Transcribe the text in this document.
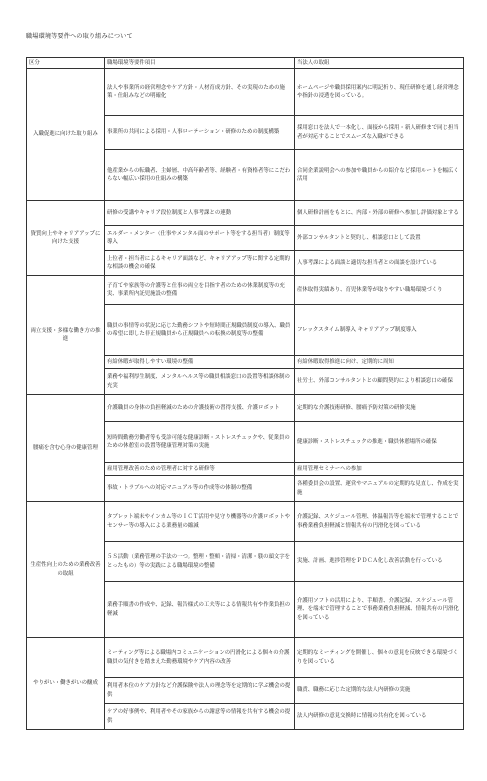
職場環境等要件への取り組みについて
区分	職場環境等要件項目	当法人の取組
入職促進に向けた取り組み	法人や事業所の経営理念やケア方針・人材育成方針、その実現のための施策・仕組みなどの明確化	ホームページや職員採用案内に明記折り、現任研修を通し経営理念や指針の浸透を図っている。
	事業所の共同による採用・人事ローテーション・研修のための制度構築	採用窓口を法人で一本化し、面接から採用・新人研修まで同じ担当者が対応することでスムーズな入職ができる
	他産業からの転職者、主婦層、中高年齢者等、経験者・有資格者等にこだわらない幅広い採用の仕組みの構築	合同企業説明会への参加や職員からの紹介など採用ルートを幅広く活用
資質向上やキャリアアップに向けた支援	研修の受講やキャリア段位制度と人事考課との連動	個人研修計画をもとに、内部・外部の研修へ参加し評価対象とする
	エルダー・メンター（仕事やメンタル面のサポート等をする担当者）制度等導入	外部コンサルタントと契約し、相談窓口として設置
	上位者・担当者によるキャリア面談など、キャリアアップ等に関する定期的な相談の機会の確保	人事考課による面談と適切な担当者との面談を設けている
両立支援・多様な働き方の推進	子育てや家族等の介護等と仕事の両立を目指す者のための休業制度等の充実、事業所内託児施設の整備	産休取得実績あり、育児休業等が取りやすい職場環境づくり
	職員の事情等の状況に応じた勤務シフトや短時間正規職員制度の導入、職員の希望に即した非正規職員から正規職員への転換の制度等の整備	フレックスタイム制導入 キャリアアップ制度導入
	有給休暇が取得しやすい環境の整備	有給休暇取得推進に向け、定期的に周知
	業務や福利厚生制度、メンタルヘルス等の職員相談窓口の設置等相談体制の充実	社労士、外部コンサルタントとの顧問契約により相談窓口の確保
腰痛を含む心身の健康管理	介護職員の身体の負担軽減のための介護技術の習得支援、介護ロボット	定期的な介護技術研修、腰痛予防対策の研修実施
	短時間勤務労働者等も受診可能な健康診断・ストレスチェックや、従業員のための休憩室の設置等健康管理対策の実施	健康診断・ストレスチェックの推進・職員休憩場所の確保
	雇用管理改善のための管理者に対する研修等	雇用管理セミナーへの参加
	事故・トラブルへの対応マニュアル等の作成等の体制の整備	各種委員会の設置、運営やマニュアルの定期的な見直し、作成を実施
生産性向上のための業務改善の取組	タブレット端末やインカム等のＩＣＴ活用や見守り機器等の介護ロボットやセンサー等の導入による業務量の縮減	介護記録、スケジュール管理、体温報告等を端末で管理することで事務業務負担軽減と情報共有の円滑化を図っている
	５Ｓ活動（業務管理の手法の一つ。整理・整頓・清掃・清潔・躾の頭文字をとったもの）等の実践による職場環境の整備	実施、計画、進捗管理をＰＤＣＡ化し改善活動を行っている
	業務手順書の作成や、記録、報告様式の工夫等による情報共有や作業負担の軽減	介護用ソフトの活用により、手順書、介護記録、スケジュール管理、を端末で管理することで事務業務負担軽減、情報共有の円滑化を図っている
やりがい・働きがいの醸成	ミーティング等による職場内コミュニケーションの円滑化による個々の介護職員の気付きを踏まえた勤務環境やケア内容の改善	定期的なミーティングを開催し、個々の意見を反映できる環境づくりを図っている
	利用者本位のケア方針など介護保険や法人の理念等を定期的に学ぶ機会の提供	職責、職務に応じた定期的な法人内研修の実施
	ケアの好事例や、利用者やその家族からの謝意等の情報を共有する機会の提供	法人内研修の意見交換時に情報の共有化を図っている
